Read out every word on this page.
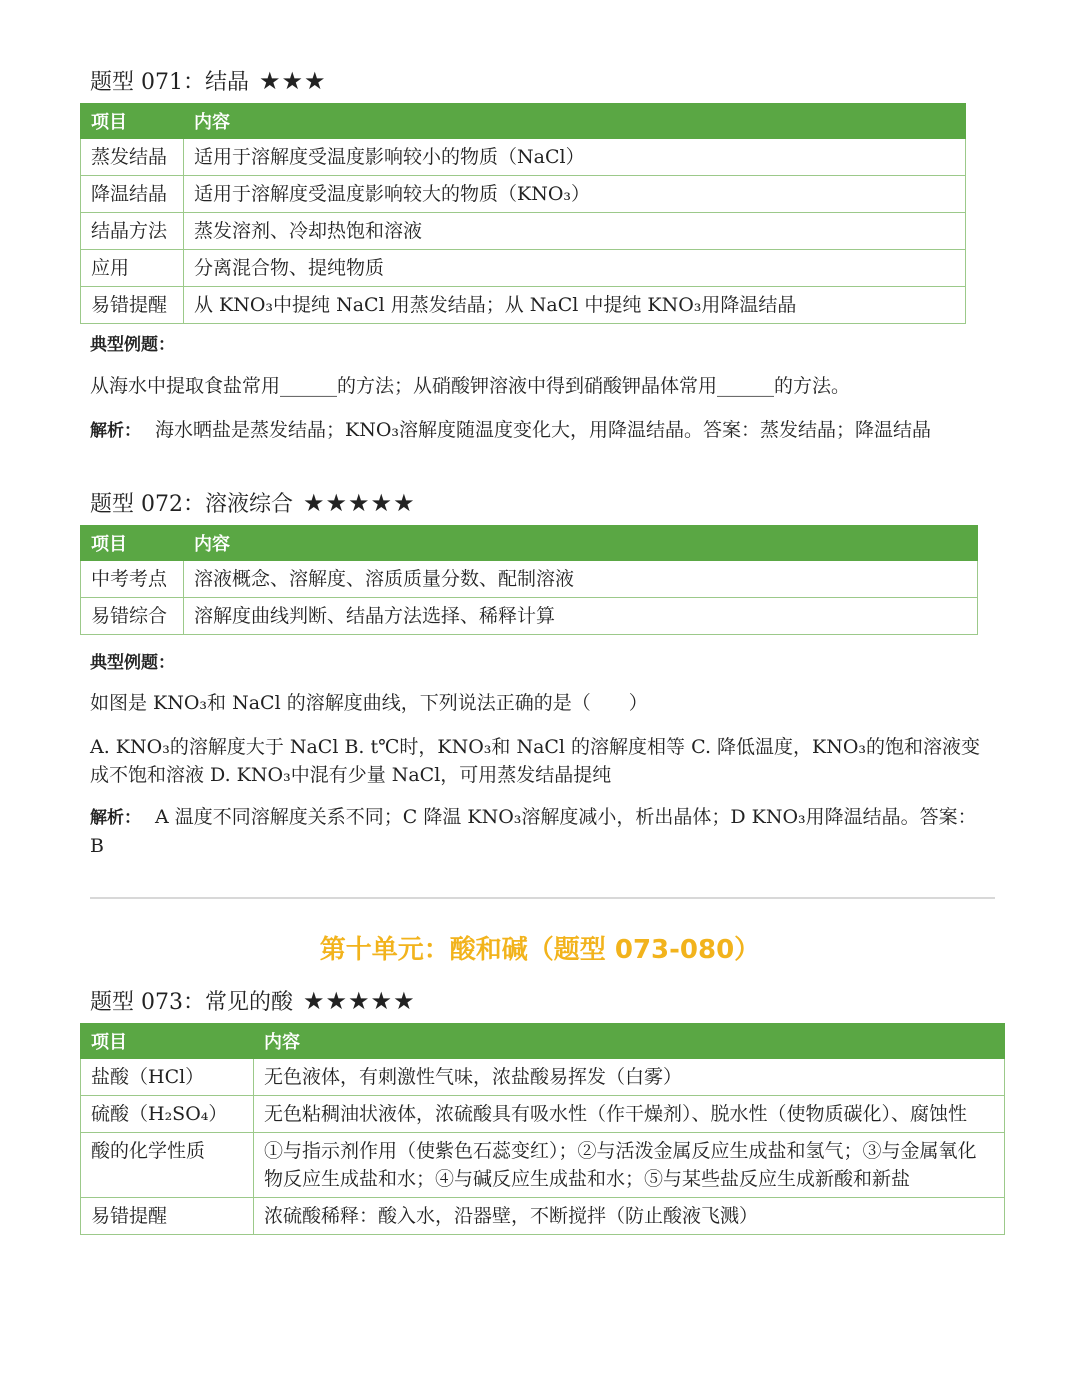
题型 071：结晶 ★★★
项目	内容
蒸发结晶	适用于溶解度受温度影响较小的物质（NaCl）
降温结晶	适用于溶解度受温度影响较大的物质（KNO₃）
结晶方法	蒸发溶剂、冷却热饱和溶液
应用	分离混合物、提纯物质
易错提醒	从 KNO₃中提纯 NaCl 用蒸发结晶；从 NaCl 中提纯 KNO₃用降温结晶
典型例题：
从海水中提取食盐常用______的方法；从硝酸钾溶液中得到硝酸钾晶体常用______的方法。
解析： 海水晒盐是蒸发结晶；KNO₃溶解度随温度变化大，用降温结晶。答案：蒸发结晶；降温结晶
题型 072：溶液综合 ★★★★★
项目	内容
中考考点	溶液概念、溶解度、溶质质量分数、配制溶液
易错综合	溶解度曲线判断、结晶方法选择、稀释计算
典型例题：
如图是 KNO₃和 NaCl 的溶解度曲线，下列说法正确的是（　　）
A. KNO₃的溶解度大于 NaCl B. t℃时，KNO₃和 NaCl 的溶解度相等 C. 降低温度，KNO₃的饱和溶液变成不饱和溶液 D. KNO₃中混有少量 NaCl，可用蒸发结晶提纯
解析： A 温度不同溶解度关系不同；C 降温 KNO₃溶解度减小，析出晶体；D KNO₃用降温结晶。答案：B
第十单元：酸和碱（题型 073-080）
题型 073：常见的酸 ★★★★★
项目	内容
盐酸（HCl）	无色液体，有刺激性气味，浓盐酸易挥发（白雾）
硫酸（H₂SO₄）	无色粘稠油状液体，浓硫酸具有吸水性（作干燥剂）、脱水性（使物质碳化）、腐蚀性
酸的化学性质	①与指示剂作用（使紫色石蕊变红）；②与活泼金属反应生成盐和氢气；③与金属氧化物反应生成盐和水；④与碱反应生成盐和水；⑤与某些盐反应生成新酸和新盐
易错提醒	浓硫酸稀释：酸入水，沿器壁，不断搅拌（防止酸液飞溅）
